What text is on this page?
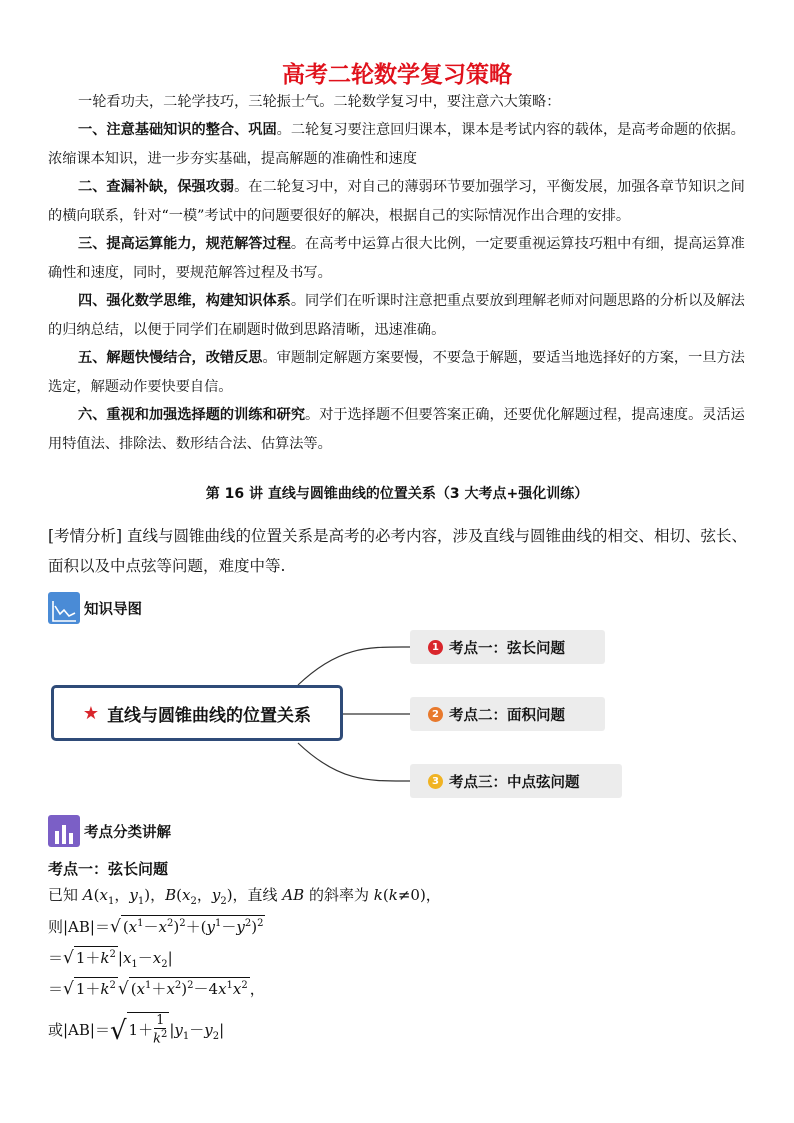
高考二轮数学复习策略
一轮看功夫，二轮学技巧，三轮振士气。二轮数学复习中，要注意六大策略：
一、注意基础知识的整合、巩固。二轮复习要注意回归课本，课本是考试内容的载体，是高考命题的依据。浓缩课本知识，进一步夯实基础，提高解题的准确性和速度
二、查漏补缺，保强攻弱。在二轮复习中，对自己的薄弱环节要加强学习，平衡发展，加强各章节知识之间的横向联系，针对“一模”考试中的问题要很好的解决，根据自己的实际情况作出合理的安排。
三、提高运算能力，规范解答过程。在高考中运算占很大比例，一定要重视运算技巧粗中有细，提高运算准确性和速度，同时，要规范解答过程及书写。
四、强化数学思维，构建知识体系。同学们在听课时注意把重点要放到理解老师对问题思路的分析以及解法的归纳总结，以便于同学们在刷题时做到思路清晰，迅速准确。
五、解题快慢结合，改错反思。审题制定解题方案要慢，不要急于解题，要适当地选择好的方案，一旦方法选定，解题动作要快要自信。
六、重视和加强选择题的训练和研究。对于选择题不但要答案正确，还要优化解题过程，提高速度。灵活运用特值法、排除法、数形结合法、估算法等。
第 16 讲 直线与圆锥曲线的位置关系（3 大考点+强化训练）
[考情分析] 直线与圆锥曲线的位置关系是高考的必考内容，涉及直线与圆锥曲线的相交、相切、弦长、面积以及中点弦等问题，难度中等.
知识导图
★ 直线与圆锥曲线的位置关系
1 考点一：弦长问题
2 考点二：面积问题
3 考点三：中点弦问题
考点分类讲解
考点一：弦长问题
已知 $A(x_1$，$y_1$)，$B(x_2$，$y_2$)，直线 AB 的斜率为 k(k≠0)，
则|AB|＝√ $(x^1-x^2)^2+(y^1-y^2)^2$
＝√ $1+k^2$ $|x_1-x_2|$
＝√ $1+k^2$ √ $(x^1+x^2)^2-4x^1x^2$ ，
或|AB|＝√ $1+ \frac{1}{k^2} |y_1-y_2|$
